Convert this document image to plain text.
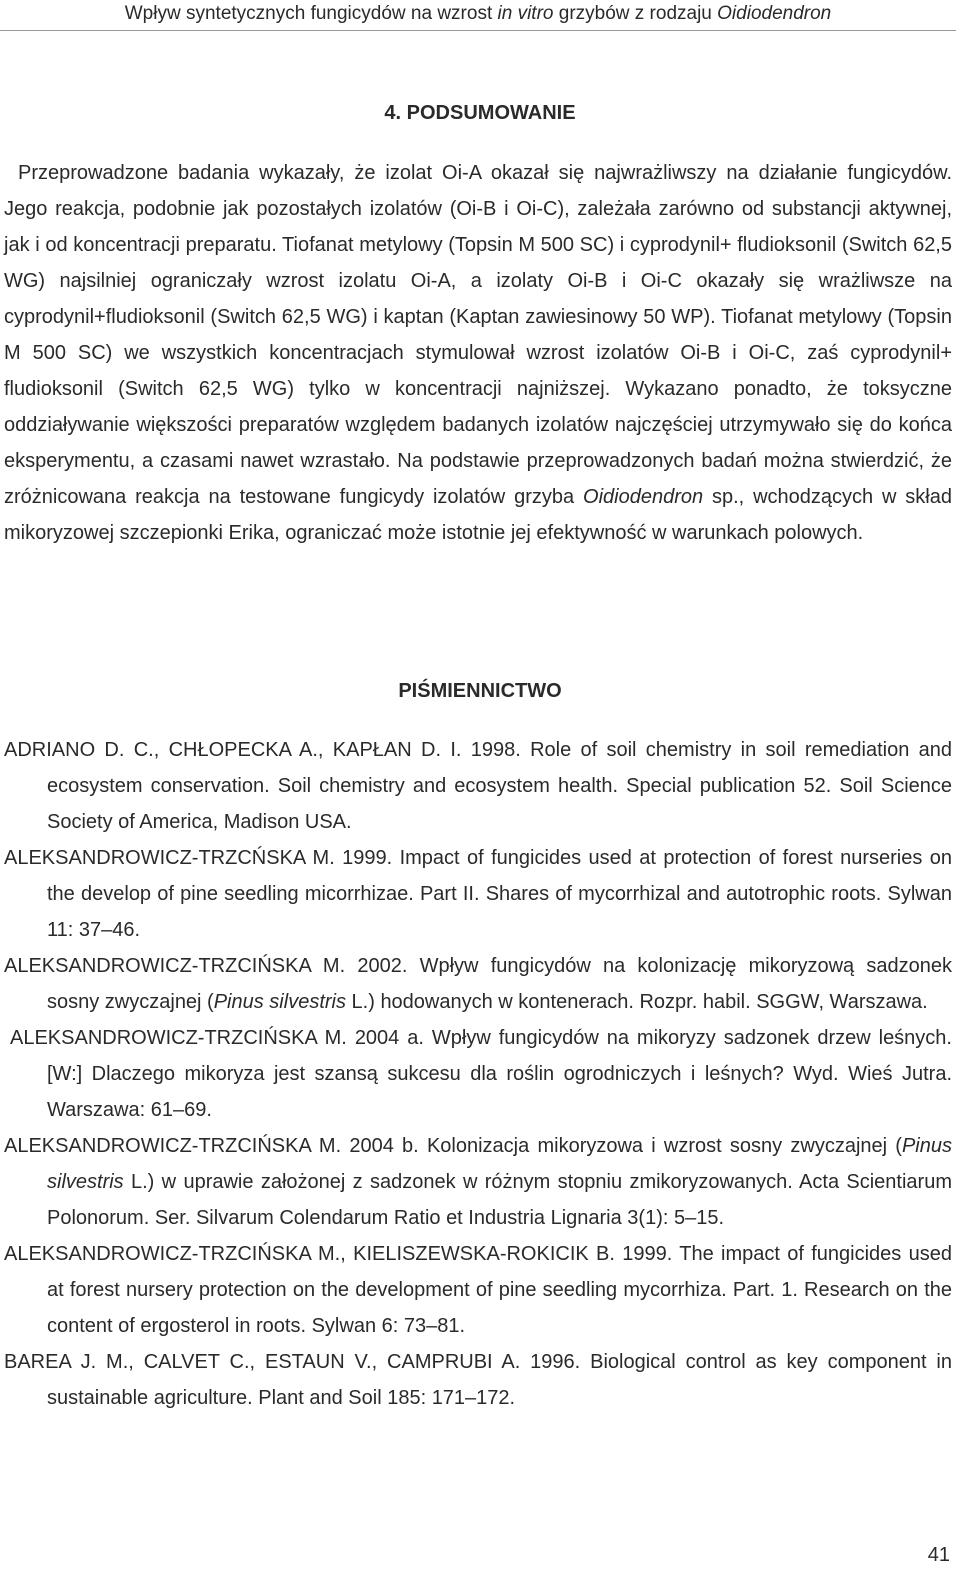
Wpływ syntetycznych fungicydów na wzrost in vitro grzybów z rodzaju Oidiodendron
4. PODSUMOWANIE

Przeprowadzone badania wykazały, że izolat Oi-A okazał się najwrażliwszy na działanie fungicydów. Jego reakcja, podobnie jak pozostałych izolatów (Oi-B i Oi-C), zależała zarówno od substancji aktywnej, jak i od koncentracji preparatu. Tiofanat metylowy (Topsin M 500 SC) i cyprodynil+ fludioksonil (Switch 62,5 WG) najsilniej ograniczały wzrost izolatu Oi-A, a izolaty Oi-B i Oi-C okazały się wrażliwsze na cyprodynil+fludioksonil (Switch 62,5 WG) i kaptan (Kaptan zawiesinowy 50 WP). Tiofanat metylowy (Topsin M 500 SC) we wszystkich koncentracjach stymulował wzrost izolatów Oi-B i Oi-C, zaś cyprodynil+ fludioksonil (Switch 62,5 WG) tylko w koncentracji najniższej. Wykazano ponadto, że toksyczne oddziaływanie większości preparatów względem badanych izolatów najczęściej utrzymywało się do końca eksperymentu, a czasami nawet wzrastało. Na podstawie przeprowadzonych badań można stwierdzić, że zróżnicowana reakcja na testowane fungicydy izolatów grzyba Oidiodendron sp., wchodzących w skład mikoryzowej szczepionki Erika, ograniczać może istotnie jej efektywność w warunkach polowych.

PIŚMIENNICTWO
ADRIANO D. C., CHŁOPECKA A., KAPŁAN D. I. 1998. Role of soil chemistry in soil remediation and ecosystem conservation. Soil chemistry and ecosystem health. Special publication 52. Soil Science Society of America, Madison USA.
ALEKSANDROWICZ-TRZCŃSKA M. 1999. Impact of fungicides used at protection of forest nurseries on the develop of pine seedling micorrhizae. Part II. Shares of mycorrhizal and autotrophic roots. Sylwan 11: 37–46.
ALEKSANDROWICZ-TRZCIŃSKA M. 2002. Wpływ fungicydów na kolonizację mikoryzową sadzonek sosny zwyczajnej (Pinus silvestris L.) hodowanych w kontenerach. Rozpr. habil. SGGW, Warszawa.
ALEKSANDROWICZ-TRZCIŃSKA M. 2004 a. Wpływ fungicydów na mikoryzy sadzonek drzew leśnych. [W:] Dlaczego mikoryza jest szansą sukcesu dla roślin ogrodniczych i leśnych? Wyd. Wieś Jutra. Warszawa: 61–69.
ALEKSANDROWICZ-TRZCIŃSKA M. 2004 b. Kolonizacja mikoryzowa i wzrost sosny zwyczajnej (Pinus silvestris L.) w uprawie założonej z sadzonek w różnym stopniu zmikoryzowanych. Acta Scientiarum Polonorum. Ser. Silvarum Colendarum Ratio et Industria Lignaria 3(1): 5–15.
ALEKSANDROWICZ-TRZCIŃSKA M., KIELISZEWSKA-ROKICIK B. 1999. The impact of fungicides used at forest nursery protection on the development of pine seedling mycorrhiza. Part. 1. Research on the content of ergosterol in roots. Sylwan 6: 73–81.
BAREA J. M., CALVET C., ESTAUN V., CAMPRUBI A. 1996. Biological control as key component in sustainable agriculture. Plant and Soil 185: 171–172.
41
